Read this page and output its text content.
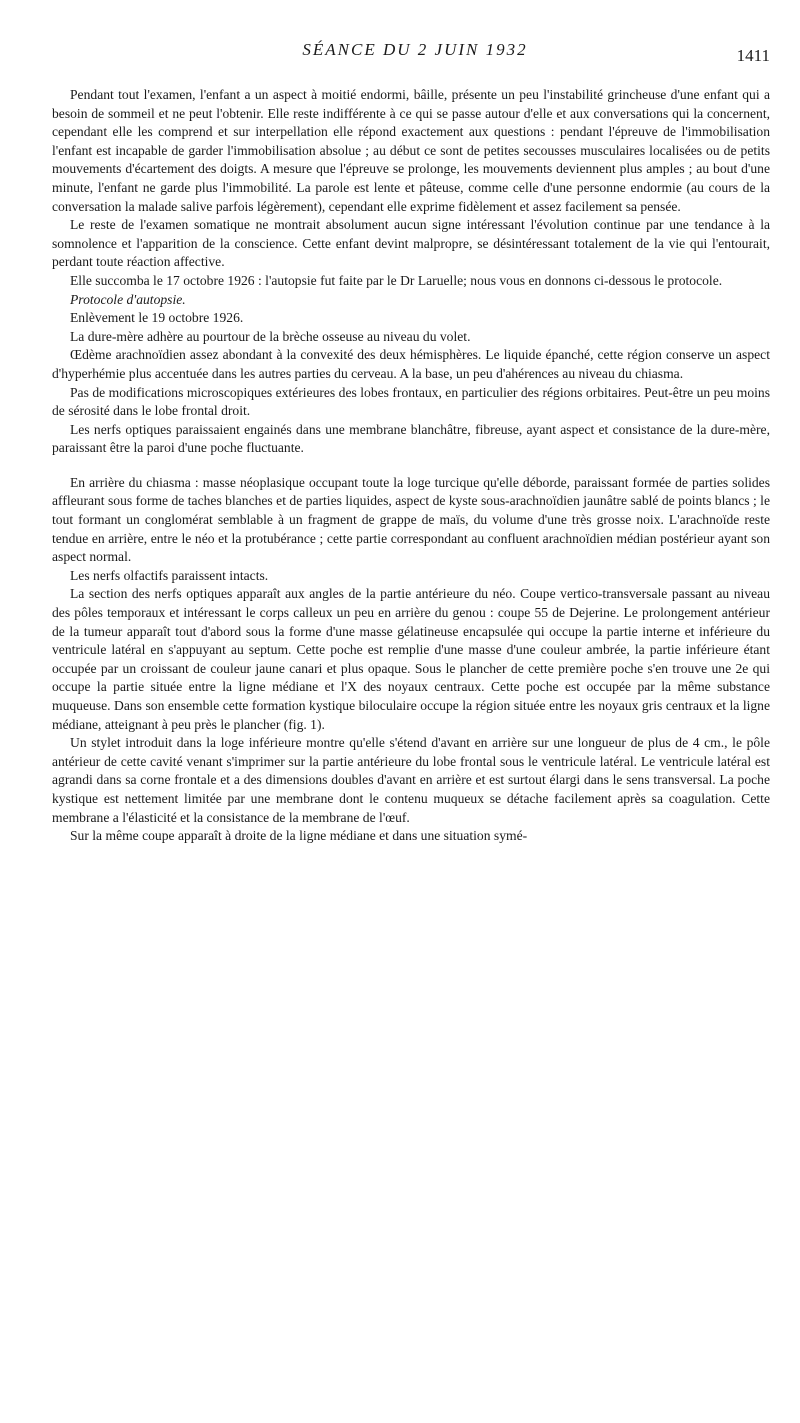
SÉANCE DU 2 JUIN 1932	1411

Pendant tout l'examen, l'enfant a un aspect à moitié endormi, bâille, présente un peu l'instabilité grincheuse d'une enfant qui a besoin de sommeil et ne peut l'obtenir. Elle reste indifférente à ce qui se passe autour d'elle et aux conversations qui la concernent, cependant elle les comprend et sur interpellation elle répond exactement aux questions : pendant l'épreuve de l'immobilisation l'enfant est incapable de garder l'immobilisation absolue ; au début ce sont de petites secousses musculaires localisées ou de petits mouvements d'écartement des doigts. A mesure que l'épreuve se prolonge, les mouvements deviennent plus amples ; au bout d'une minute, l'enfant ne garde plus l'immobilité. La parole est lente et pâteuse, comme celle d'une personne endormie (au cours de la conversation la malade salive parfois légèrement), cependant elle exprime fidèlement et assez facilement sa pensée.

Le reste de l'examen somatique ne montrait absolument aucun signe intéressant l'évolution continue par une tendance à la somnolence et l'apparition de la conscience. Cette enfant devint malpropre, se désintéressant totalement de la vie qui l'entourait, perdant toute réaction affective.

Elle succomba le 17 octobre 1926 : l'autopsie fut faite par le Dr Laruelle; nous vous en donnons ci-dessous le protocole.

Protocole d'autopsie.

Enlèvement le 19 octobre 1926.

La dure-mère adhère au pourtour de la brèche osseuse au niveau du volet.

Œdème arachnoïdien assez abondant à la convexité des deux hémisphères. Le liquide épanché, cette région conserve un aspect d'hyperhémie plus accentuée dans les autres parties du cerveau. A la base, un peu d'ahérences au niveau du chiasma.

Pas de modifications microscopiques extérieures des lobes frontaux, en particulier des régions orbitaires. Peut-être un peu moins de sérosité dans le lobe frontal droit.

Les nerfs optiques paraissaient engainés dans une membrane blanchâtre, fibreuse, ayant aspect et consistance de la dure-mère, paraissant être la paroi d'une poche fluctuante.

En arrière du chiasma : masse néoplasique occupant toute la loge turcique qu'elle déborde, paraissant formée de parties solides affleurant sous forme de taches blanches et de parties liquides, aspect de kyste sous-arachnoïdien jaunâtre sablé de points blancs ; le tout formant un conglomérat semblable à un fragment de grappe de maïs, du volume d'une très grosse noix. L'arachnoïde reste tendue en arrière, entre le néo et la protubérance ; cette partie correspondant au confluent arachnoïdien médian postérieur ayant son aspect normal.

Les nerfs olfactifs paraissent intacts.

La section des nerfs optiques apparaît aux angles de la partie antérieure du néo. Coupe vertico-transversale passant au niveau des pôles temporaux et intéressant le corps calleux un peu en arrière du genou : coupe 55 de Dejerine. Le prolongement antérieur de la tumeur apparaît tout d'abord sous la forme d'une masse gélatineuse encapsulée qui occupe la partie interne et inférieure du ventricule latéral en s'appuyant au septum. Cette poche est remplie d'une masse d'une couleur ambrée, la partie inférieure étant occupée par un croissant de couleur jaune canari et plus opaque. Sous le plancher de cette première poche s'en trouve une 2e qui occupe la partie située entre la ligne médiane et l'X des noyaux centraux. Cette poche est occupée par la même substance muqueuse. Dans son ensemble cette formation kystique biloculaire occupe la région située entre les noyaux gris centraux et la ligne médiane, atteignant à peu près le plancher (fig. 1).

Un stylet introduit dans la loge inférieure montre qu'elle s'étend d'avant en arrière sur une longueur de plus de 4 cm., le pôle antérieur de cette cavité venant s'imprimer sur la partie antérieure du lobe frontal sous le ventricule latéral. Le ventricule latéral est agrandi dans sa corne frontale et a des dimensions doubles d'avant en arrière et est surtout élargi dans le sens transversal. La poche kystique est nettement limitée par une membrane dont le contenu muqueux se détache facilement après sa coagulation. Cette membrane a l'élasticité et la consistance de la membrane de l'œuf.

Sur la même coupe apparaît à droite de la ligne médiane et dans une situation symé-
